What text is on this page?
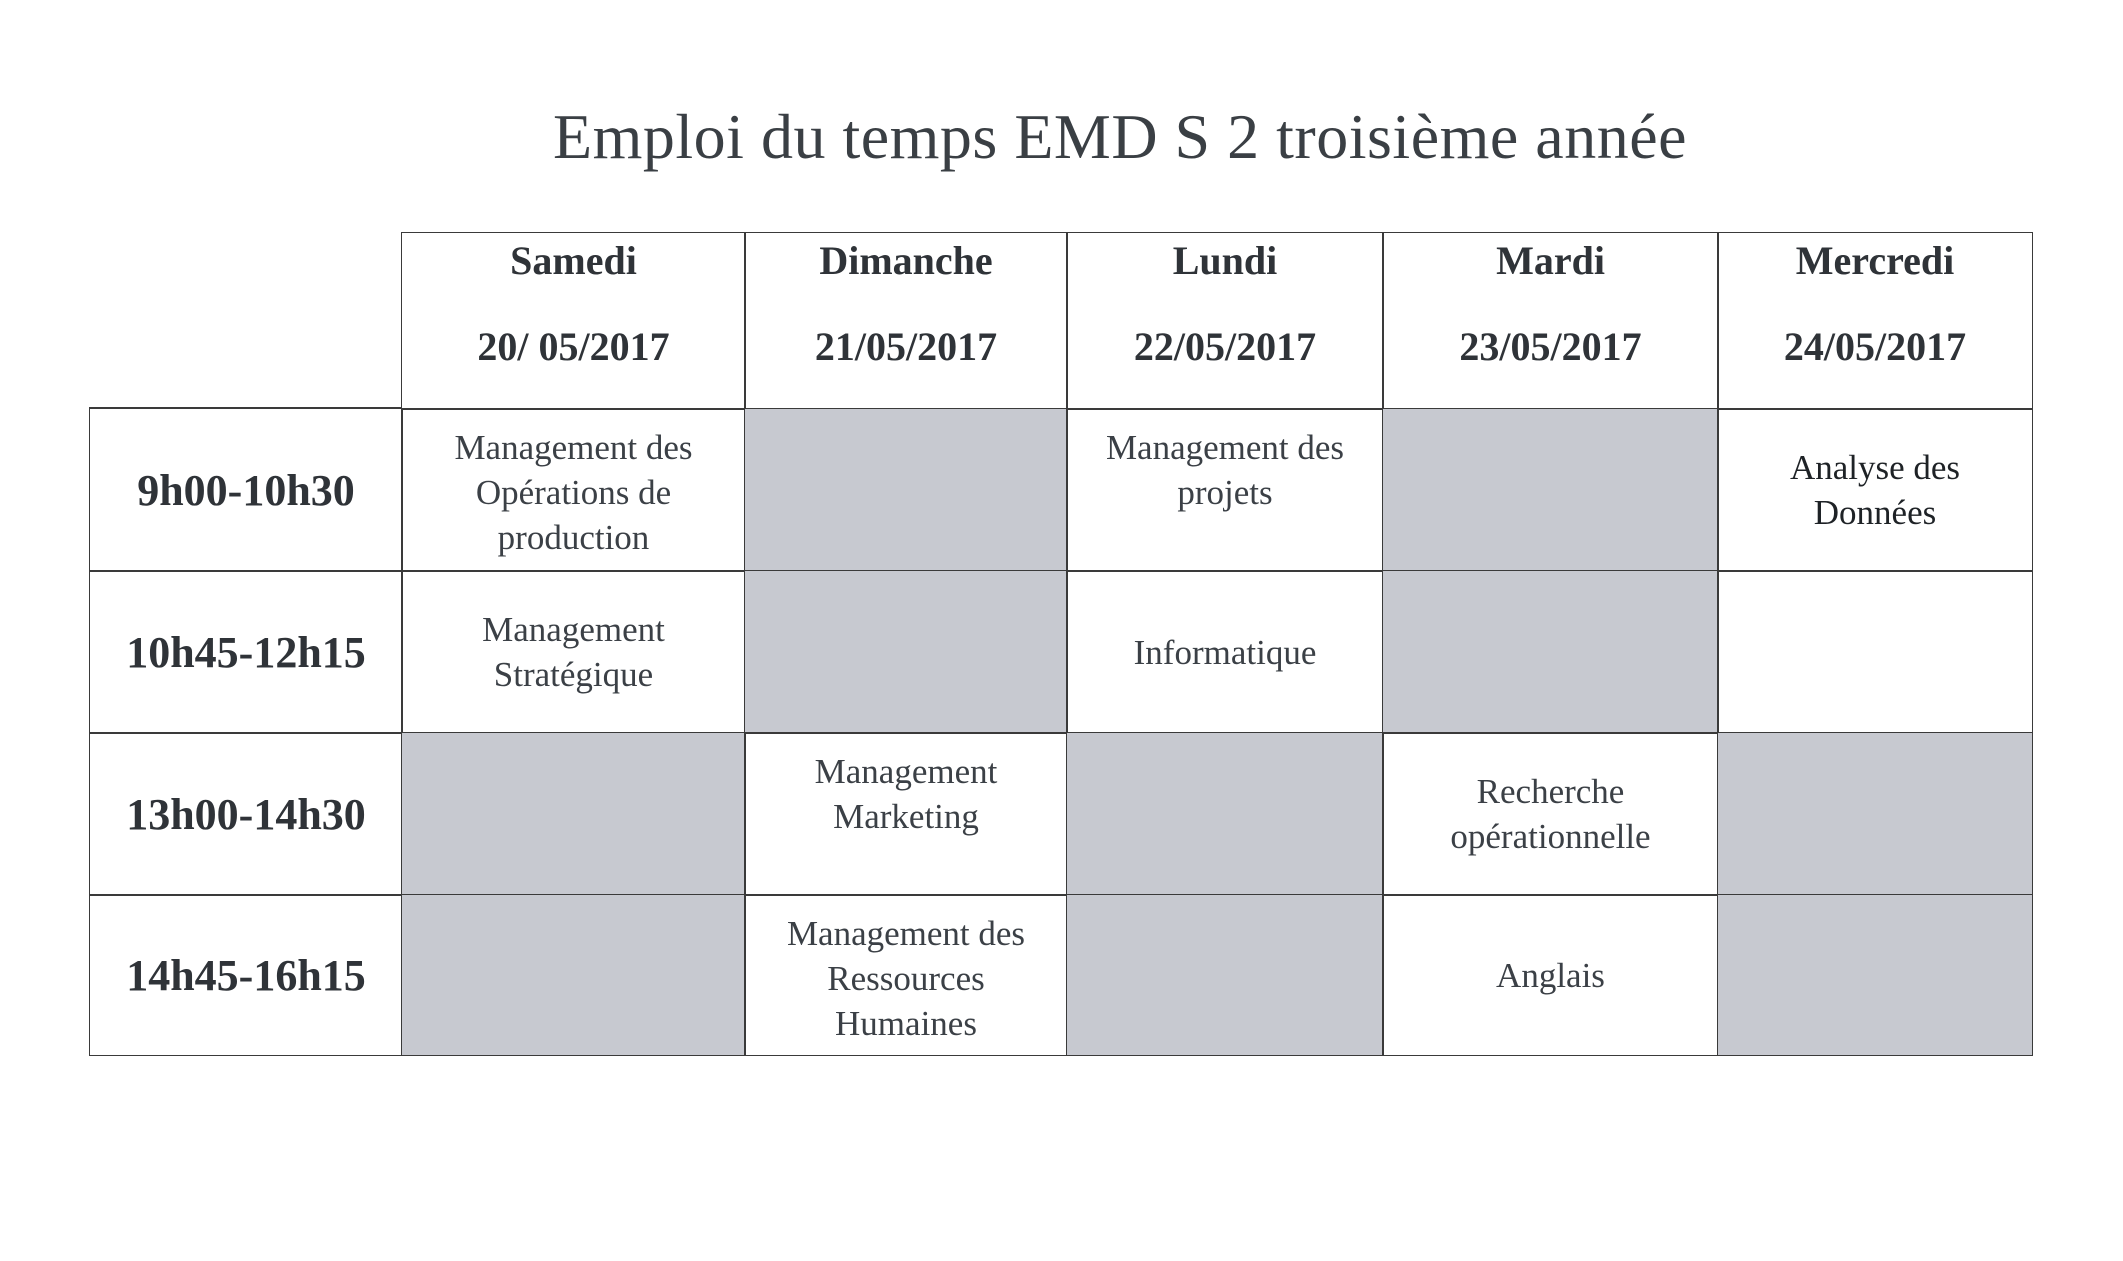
Emploi du temps EMD S 2 troisième année
Samedi
20/ 05/2017
Dimanche
21/05/2017
Lundi
22/05/2017
Mardi
23/05/2017
Mercredi
24/05/2017
9h00-10h30
Management des Opérations de production
Management des projets
Analyse des Données
10h45-12h15	Management Stratégique
Informatique
13h00-14h30
Management Marketing
Recherche opérationnelle
14h45-16h15
Management des Ressources Humaines
Anglais
